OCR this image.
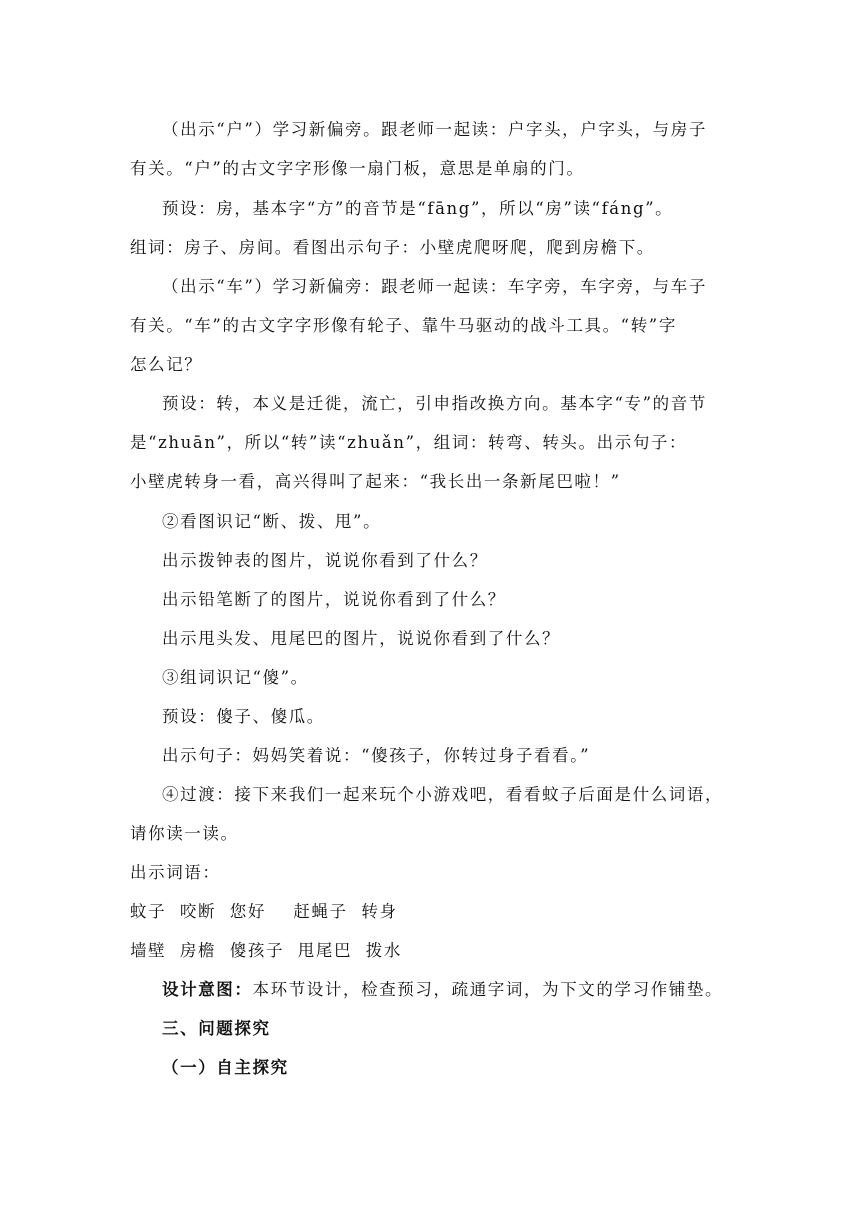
（出示“户”）学习新偏旁。跟老师一起读：户字头，户字头，与房子
有关。“户”的古文字字形像一扇门板，意思是单扇的门。
预设：房，基本字“方”的音节是“fāng”，所以“房”读“fáng”。
组词：房子、房间。看图出示句子：小壁虎爬呀爬，爬到房檐下。
（出示“车”）学习新偏旁：跟老师一起读：车字旁，车字旁，与车子
有关。“车”的古文字字形像有轮子、靠牛马驱动的战斗工具。“转”字
怎么记？
预设：转，本义是迁徙，流亡，引申指改换方向。基本字“专”的音节
是“zhuān”，所以“转”读“zhuǎn”，组词：转弯、转头。出示句子：
小壁虎转身一看，高兴得叫了起来：“我长出一条新尾巴啦！”
②看图识记“断、拨、甩”。
出示拨钟表的图片，说说你看到了什么？
出示铅笔断了的图片，说说你看到了什么？
出示甩头发、甩尾巴的图片，说说你看到了什么？
③组词识记“傻”。
预设：傻子、傻瓜。
出示句子：妈妈笑着说：“傻孩子，你转过身子看看。”
④过渡：接下来我们一起来玩个小游戏吧，看看蚊子后面是什么词语，
请你读一读。
出示词语：
蚊子  咬断  您好    赶蝇子  转身
墙壁  房檐  傻孩子  甩尾巴  拨水
设计意图：本环节设计，检查预习，疏通字词，为下文的学习作铺垫。
三、问题探究
（一）自主探究
